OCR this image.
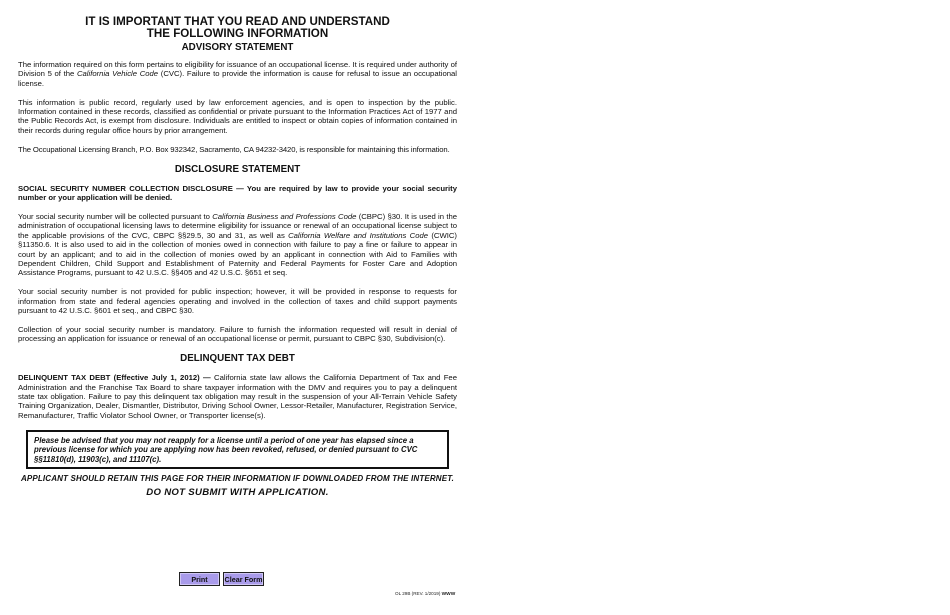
IT IS IMPORTANT THAT YOU READ AND UNDERSTAND
THE FOLLOWING INFORMATION
ADVISORY STATEMENT

The information required on this form pertains to eligibility for issuance of an occupational license. It is required under authority of Division 5 of the California Vehicle Code (CVC). Failure to provide the information is cause for refusal to issue an occupational license.

This information is public record, regularly used by law enforcement agencies, and is open to inspection by the public. Information contained in these records, classified as confidential or private pursuant to the Information Practices Act of 1977 and the Public Records Act, is exempt from disclosure. Individuals are entitled to inspect or obtain copies of information contained in their records during regular office hours by prior arrangement.

The Occupational Licensing Branch, P.O. Box 932342, Sacramento, CA 94232-3420, is responsible for maintaining this information.

DISCLOSURE STATEMENT

SOCIAL SECURITY NUMBER COLLECTION DISCLOSURE — You are required by law to provide your social security number or your application will be denied.

Your social security number will be collected pursuant to California Business and Professions Code (CBPC) §30. It is used in the administration of occupational licensing laws to determine eligibility for issuance or renewal of an occupational license subject to the applicable provisions of the CVC, CBPC §§29.5, 30 and 31, as well as California Welfare and Institutions Code (CWIC) §11350.6. It is also used to aid in the collection of monies owed in connection with failure to pay a fine or failure to appear in court by an applicant; and to aid in the collection of monies owed by an applicant in connection with Aid to Families with Dependent Children, Child Support and Establishment of Paternity and Federal Payments for Foster Care and Adoption Assistance Programs, pursuant to 42 U.S.C. §§405 and 42 U.S.C. §651 et seq.

Your social security number is not provided for public inspection; however, it will be provided in response to requests for information from state and federal agencies operating and involved in the collection of taxes and child support payments pursuant to 42 U.S.C. §601 et seq., and CBPC §30.

Collection of your social security number is mandatory. Failure to furnish the information requested will result in denial of processing an application for issuance or renewal of an occupational license or permit, pursuant to CBPC §30, Subdivision(c).

DELINQUENT TAX DEBT

DELINQUENT TAX DEBT (Effective July 1, 2012) — California state law allows the California Department of Tax and Fee Administration and the Franchise Tax Board to share taxpayer information with the DMV and requires you to pay a delinquent state tax obligation. Failure to pay this delinquent tax obligation may result in the suspension of your All-Terrain Vehicle Safety Training Organization, Dealer, Dismantler, Distributor, Driving School Owner, Lessor-Retailer, Manufacturer, Registration Service, Remanufacturer, Traffic Violator School Owner, or Transporter license(s).

Please be advised that you may not reapply for a license until a period of one year has elapsed since a previous license for which you are applying now has been revoked, refused, or denied pursuant to CVC §§11810(d), 11903(c), and 11107(c).
APPLICANT SHOULD RETAIN THIS PAGE FOR THEIR INFORMATION IF DOWNLOADED FROM THE INTERNET.
DO NOT SUBMIT WITH APPLICATION.
Print	Clear Form
OL 29B (REV. 1/2019) WWW
